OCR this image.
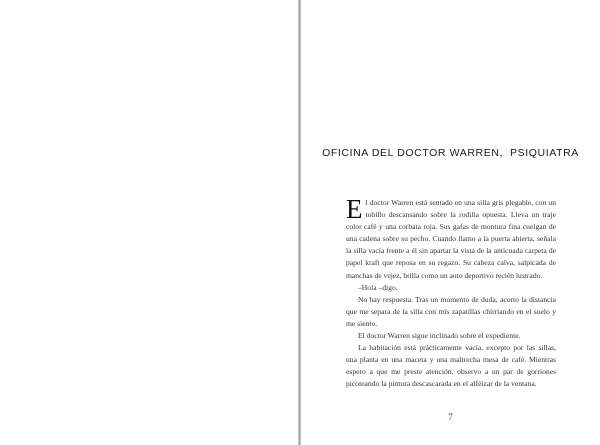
OFICINA DEL DOCTOR WARREN,  PSIQUIATRA

El doctor Warren está sentado en una silla gris plegable, con un tobillo descansando sobre la rodilla opuesta. Lleva un traje color café y una corbata roja. Sus gafas de montura fina cuelgan de una cadena sobre su pecho. Cuando llamo a la puerta abierta, señala la silla vacía frente a él sin apartar la vista de la anticuada carpeta de papel kraft que reposa en su regazo. Su cabeza calva, salpicada de manchas de vejez, brilla como un auto deportivo recién lustrado.

–Hola –digo.

No hay respuesta. Tras un momento de duda, acorto la distancia que me separa de la silla con mis zapatillas chirriando en el suelo y me siento.

El doctor Warren sigue inclinado sobre el expediente.

La habitación está prácticamente vacía, excepto por las sillas, una planta en una maceta y una maltrecha mesa de café. Mientras espero a que me preste atención, observo a un par de gorriones picoteando la pintura descascarada en el alféizar de la ventana.

7
